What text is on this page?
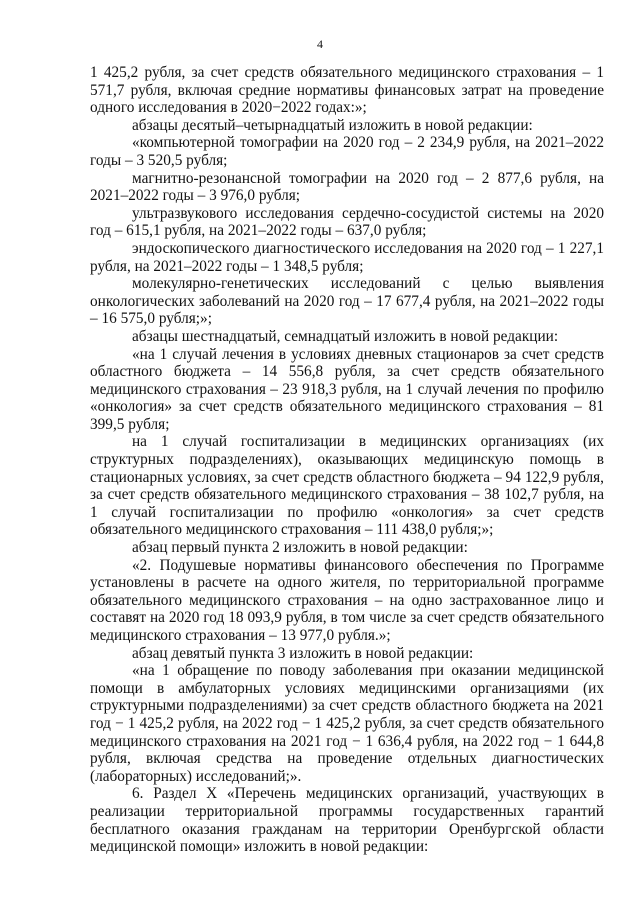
4

1 425,2 рубля, за счет средств обязательного медицинского страхования – 1 571,7 рубля, включая средние нормативы финансовых затрат на проведение одного исследования в 2020−2022 годах:»;

абзацы десятый–четырнадцатый изложить в новой редакции:

«компьютерной томографии на 2020 год – 2 234,9 рубля, на 2021–2022 годы – 3 520,5 рубля;

магнитно-резонансной томографии на 2020 год – 2 877,6 рубля, на 2021–2022 годы – 3 976,0 рубля;

ультразвукового исследования сердечно-сосудистой системы на 2020 год – 615,1 рубля, на 2021–2022 годы – 637,0 рубля;

эндоскопического диагностического исследования на 2020 год – 1 227,1 рубля, на 2021–2022 годы – 1 348,5 рубля;

молекулярно-генетических исследований с целью выявления онкологических заболеваний на 2020 год – 17 677,4 рубля, на 2021–2022 годы – 16 575,0 рубля;»;

абзацы шестнадцатый, семнадцатый изложить в новой редакции:

«на 1 случай лечения в условиях дневных стационаров за счет средств областного бюджета – 14 556,8 рубля, за счет средств обязательного медицинского страхования – 23 918,3 рубля, на 1 случай лечения по профилю «онкология» за счет средств обязательного медицинского страхования – 81 399,5 рубля;

на 1 случай госпитализации в медицинских организациях (их структурных подразделениях), оказывающих медицинскую помощь в стационарных условиях, за счет средств областного бюджета – 94 122,9 рубля, за счет средств обязательного медицинского страхования – 38 102,7 рубля, на 1 случай госпитализации по профилю «онкология» за счет средств обязательного медицинского страхования – 111 438,0 рубля;»;

абзац первый пункта 2 изложить в новой редакции:

«2. Подушевые нормативы финансового обеспечения по Программе установлены в расчете на одного жителя, по территориальной программе обязательного медицинского страхования – на одно застрахованное лицо и составят на 2020 год 18 093,9 рубля, в том числе за счет средств обязательного медицинского страхования – 13 977,0 рубля.»;

абзац девятый пункта 3 изложить в новой редакции:

«на 1 обращение по поводу заболевания при оказании медицинской помощи в амбулаторных условиях медицинскими организациями (их структурными подразделениями) за счет средств областного бюджета на 2021 год − 1 425,2 рубля, на 2022 год − 1 425,2 рубля, за счет средств обязательного медицинского страхования на 2021 год − 1 636,4 рубля, на 2022 год − 1 644,8 рубля, включая средства на проведение отдельных диагностических (лабораторных) исследований;».

6. Раздел X «Перечень медицинских организаций, участвующих в реализации территориальной программы государственных гарантий бесплатного оказания гражданам на территории Оренбургской области медицинской помощи» изложить в новой редакции:
